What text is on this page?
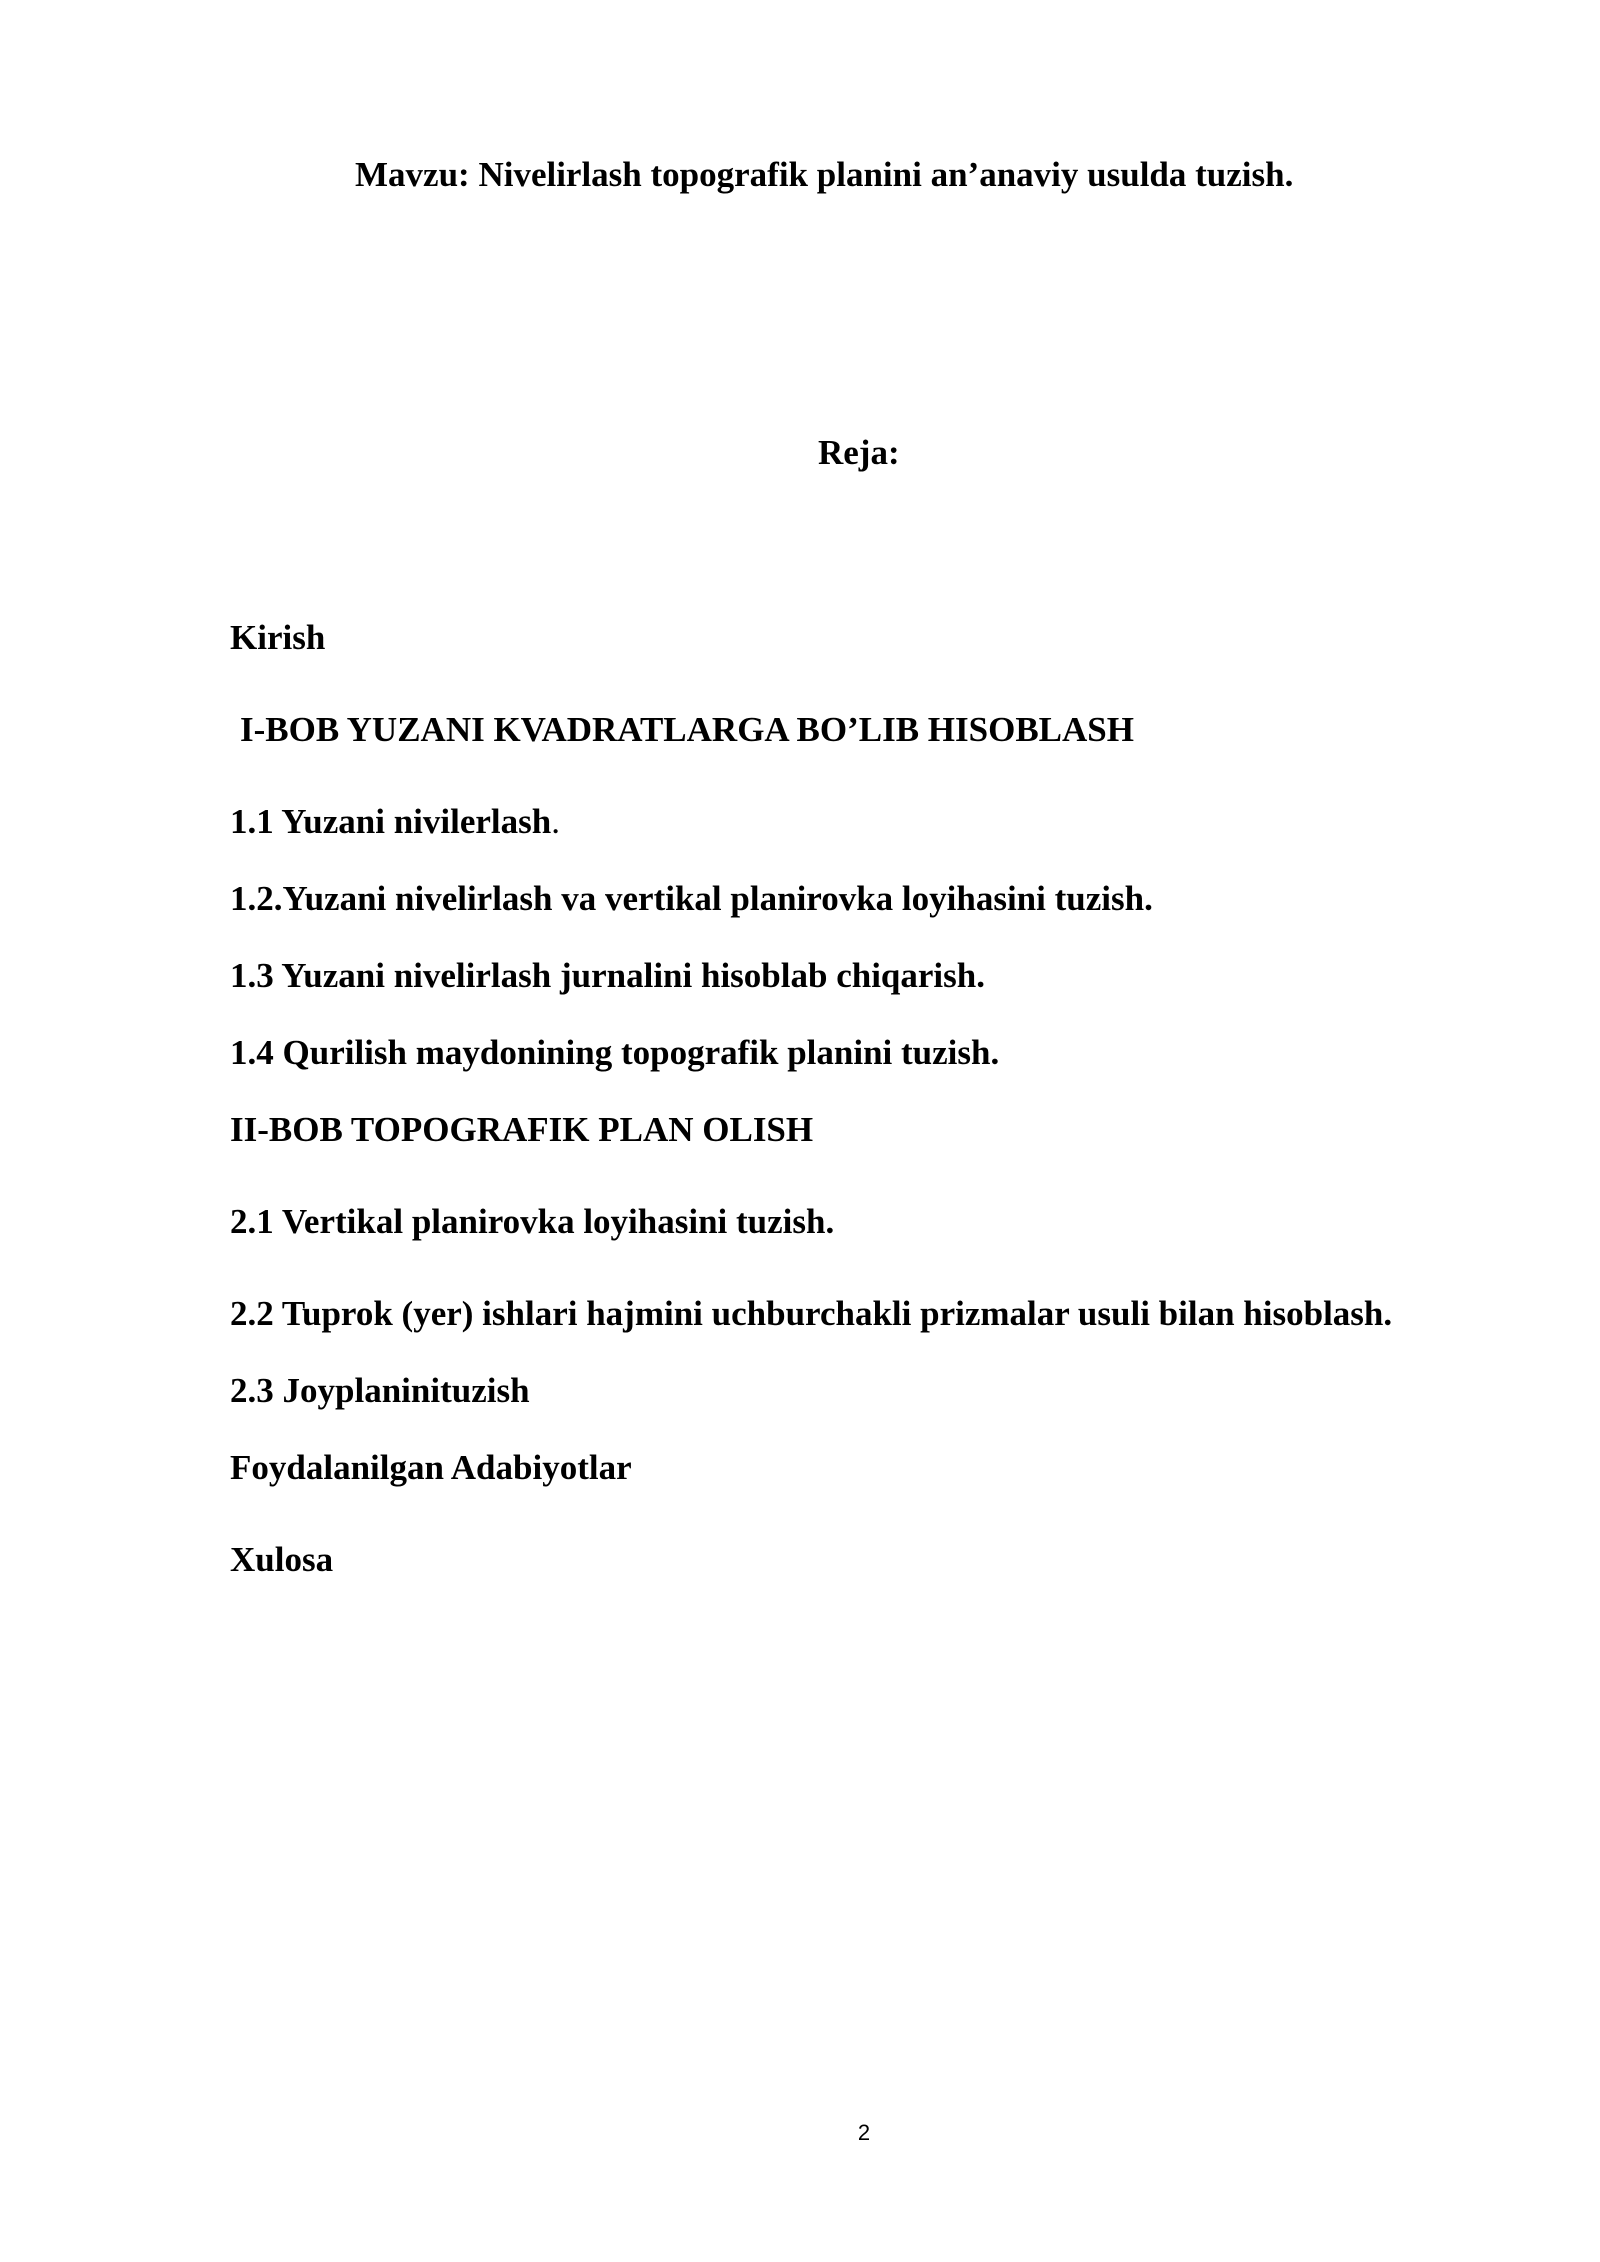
Mavzu: Nivelirlash topografik planini an’anaviy usulda tuzish.
Reja:
Kirish
I-BOB YUZANI KVADRATLARGA BO’LIB HISOBLASH
1.1 Yuzani nivilerlash.
1.2.Yuzani nivelirlash va vertikal planirovka loyihasini tuzish.
1.3 Yuzani nivelirlash jurnalini hisoblab chiqarish.
1.4 Qurilish maydonining topografik planini tuzish.
II-BOB TOPOGRAFIK PLAN OLISH
2.1 Vertikal planirovka loyihasini tuzish.
2.2 Tuprok (yer) ishlari hajmini uchburchakli prizmalar usuli bilan hisoblash.
2.3 Joyplaninituzish
Foydalanilgan Adabiyotlar
Xulosa
2
